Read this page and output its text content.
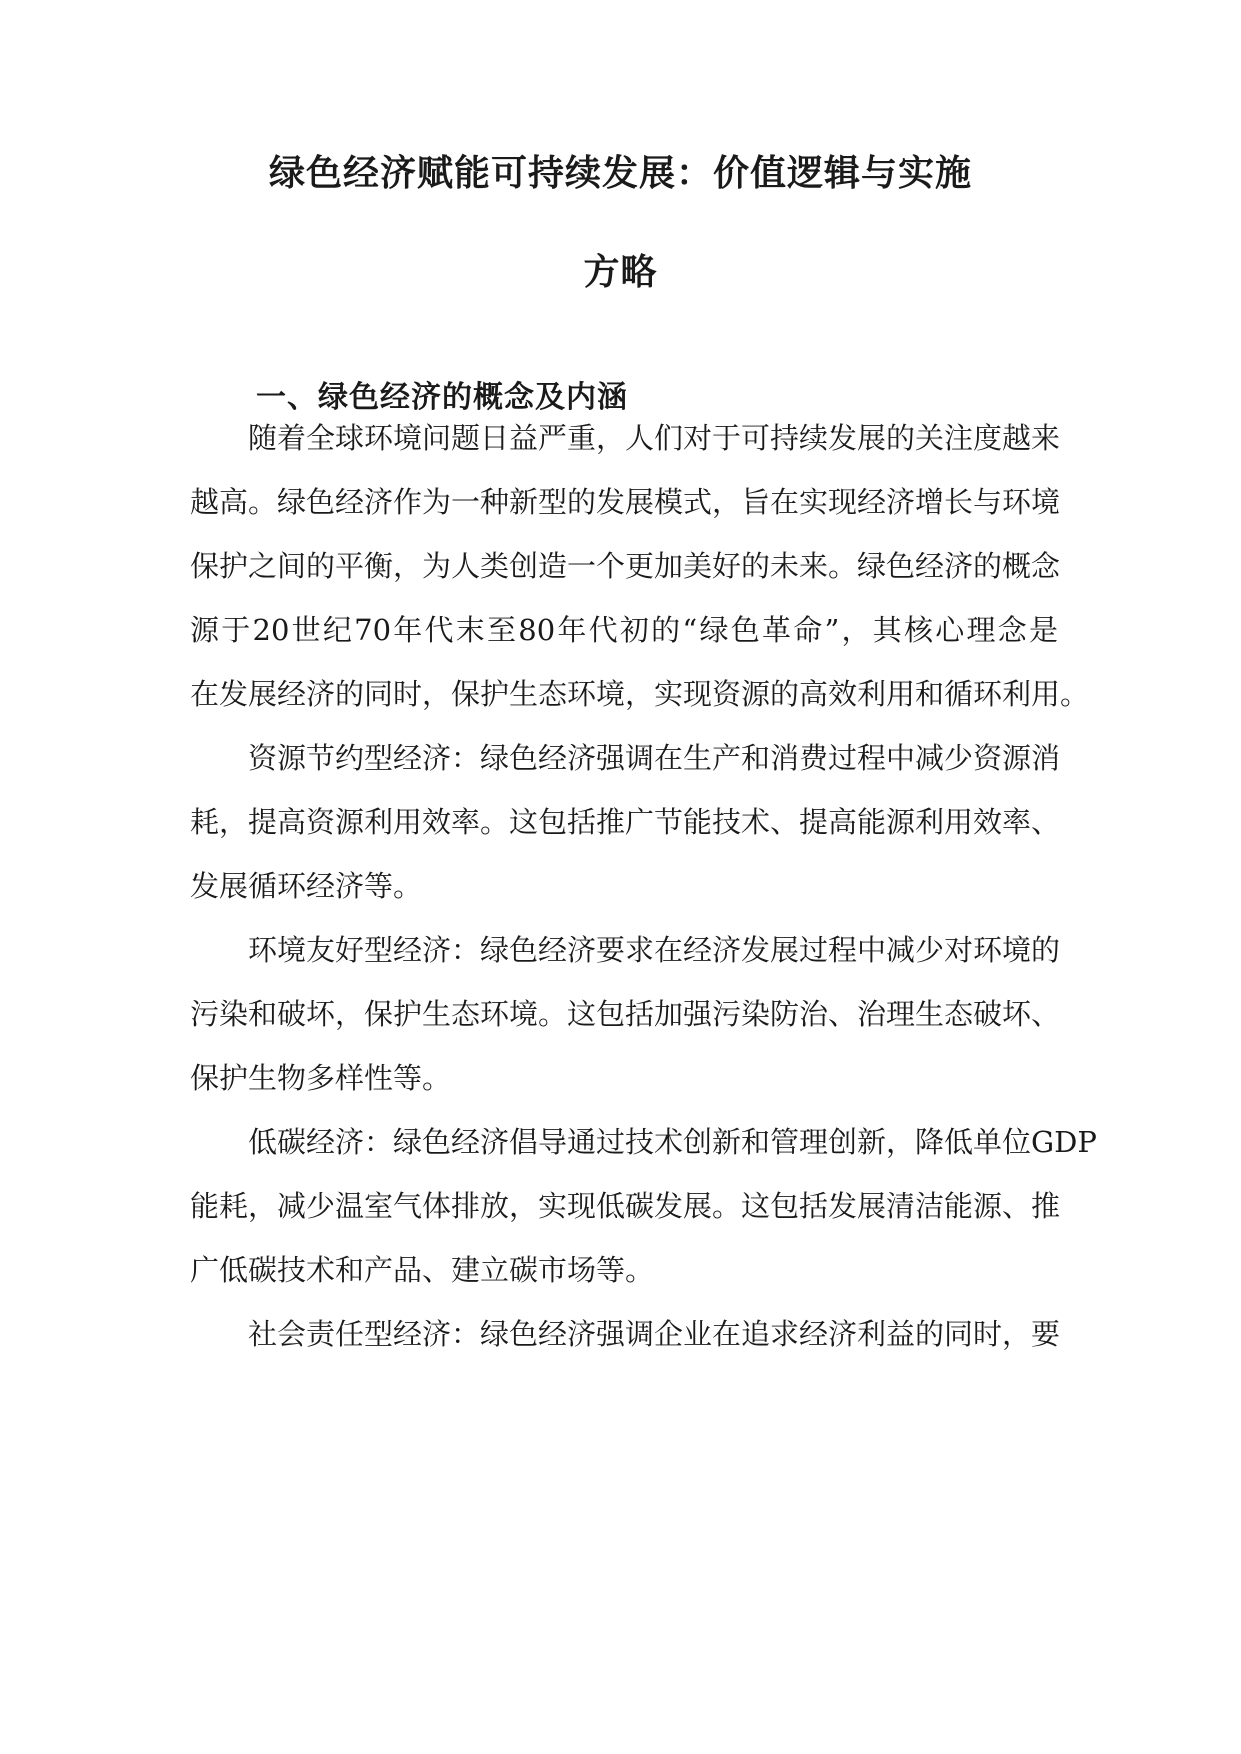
绿色经济赋能可持续发展：价值逻辑与实施
方略
一、绿色经济的概念及内涵
随着全球环境问题日益严重，人们对于可持续发展的关注度越来
越高。绿色经济作为一种新型的发展模式，旨在实现经济增长与环境
保护之间的平衡，为人类创造一个更加美好的未来。绿色经济的概念
源于20世纪70年代末至80年代初的“绿色革命”，其核心理念是
在发展经济的同时，保护生态环境，实现资源的高效利用和循环利用。
资源节约型经济：绿色经济强调在生产和消费过程中减少资源消
耗，提高资源利用效率。这包括推广节能技术、提高能源利用效率、
发展循环经济等。
环境友好型经济：绿色经济要求在经济发展过程中减少对环境的
污染和破坏，保护生态环境。这包括加强污染防治、治理生态破坏、
保护生物多样性等。
低碳经济：绿色经济倡导通过技术创新和管理创新，降低单位GDP
能耗，减少温室气体排放，实现低碳发展。这包括发展清洁能源、推
广低碳技术和产品、建立碳市场等。
社会责任型经济：绿色经济强调企业在追求经济利益的同时，要
